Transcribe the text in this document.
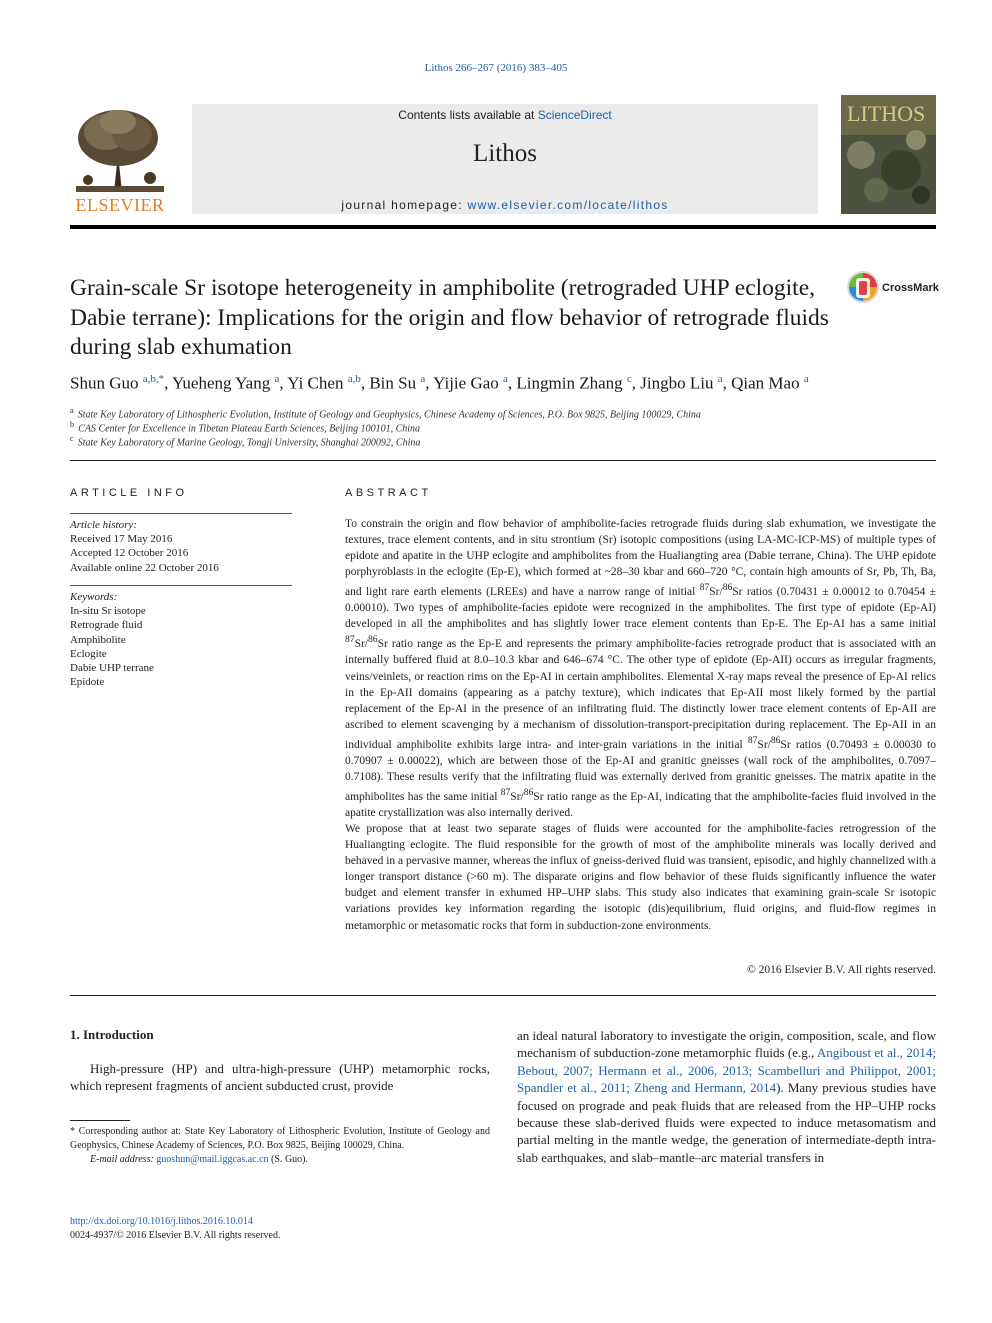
Lithos 266–267 (2016) 383–405
ELSEVIER
Contents lists available at ScienceDirect
Lithos
journal homepage: www.elsevier.com/locate/lithos
LITHOS
Grain-scale Sr isotope heterogeneity in amphibolite (retrograded UHP eclogite, Dabie terrane): Implications for the origin and flow behavior of retrograde fluids during slab exhumation
CrossMark
Shun Guo $^{a,b,*}$, Yueheng Yang $^a$, Yi Chen $^{a,b}$, Bin Su $^a$, Yijie Gao $^a$, Lingmin Zhang $^c$, Jingbo Liu $^a$, Qian Mao $^a$
$^a$ State Key Laboratory of Lithospheric Evolution, Institute of Geology and Geophysics, Chinese Academy of Sciences, P.O. Box 9825, Beijing 100029, China
$^b$ CAS Center for Excellence in Tibetan Plateau Earth Sciences, Beijing 100101, China
$^c$ State Key Laboratory of Marine Geology, Tongji University, Shanghai 200092, China
ARTICLE INFO
Article history:
Received 17 May 2016
Accepted 12 October 2016
Available online 22 October 2016
Keywords:
In-situ Sr isotope
Retrograde fluid
Amphibolite
Eclogite
Dabie UHP terrane
Epidote
ABSTRACT

To constrain the origin and flow behavior of amphibolite-facies retrograde fluids during slab exhumation, we investigate the textures, trace element contents, and in situ strontium (Sr) isotopic compositions (using LA-MC-ICP-MS) of multiple types of epidote and apatite in the UHP eclogite and amphibolites from the Hualiangting area (Dabie terrane, China). The UHP epidote porphyroblasts in the eclogite (Ep-E), which formed at ~28–30 kbar and 660–720 °C, contain high amounts of Sr, Pb, Th, Ba, and light rare earth elements (LREEs) and have a narrow range of initial $^{87}$Sr/$^{86}$Sr ratios (0.70431 ± 0.00012 to 0.70454 ± 0.00010). Two types of amphibolite-facies epidote were recognized in the amphibolites. The first type of epidote (Ep-AI) developed in all the amphibolites and has slightly lower trace element contents than Ep-E. The Ep-AI has a same initial $^{87}$Sr/$^{86}$Sr ratio range as the Ep-E and represents the primary amphibolite-facies retrograde product that is associated with an internally buffered fluid at 8.0–10.3 kbar and 646–674 °C. The other type of epidote (Ep-AII) occurs as irregular fragments, veins/veinlets, or reaction rims on the Ep-AI in certain amphibolites. Elemental X-ray maps reveal the presence of Ep-AI relics in the Ep-AII domains (appearing as a patchy texture), which indicates that Ep-AII most likely formed by the partial replacement of the Ep-AI in the presence of an infiltrating fluid. The distinctly lower trace element contents of Ep-AII are ascribed to element scavenging by a mechanism of dissolution-transport-precipitation during replacement. The Ep-AII in an individual amphibolite exhibits large intra- and inter-grain variations in the initial $^{87}$Sr/$^{86}$Sr ratios (0.70493 ± 0.00030 to 0.70907 ± 0.00022), which are between those of the Ep-AI and granitic gneisses (wall rock of the amphibolites, 0.7097–0.7108). These results verify that the infiltrating fluid was externally derived from granitic gneisses. The matrix apatite in the amphibolites has the same initial $^{87}$Sr/$^{86}$Sr ratio range as the Ep-AI, indicating that the amphibolite-facies fluid involved in the apatite crystallization was also internally derived.

We propose that at least two separate stages of fluids were accounted for the amphibolite-facies retrogression of the Hualiangting eclogite. The fluid responsible for the growth of most of the amphibolite minerals was locally derived and behaved in a pervasive manner, whereas the influx of gneiss-derived fluid was transient, episodic, and highly channelized with a longer transport distance (>60 m). The disparate origins and flow behavior of these fluids significantly influence the water budget and element transfer in exhumed HP–UHP slabs. This study also indicates that examining grain-scale Sr isotopic variations provides key information regarding the isotopic (dis)equilibrium, fluid origins, and fluid-flow regimes in metamorphic or metasomatic rocks that form in subduction-zone environments.

© 2016 Elsevier B.V. All rights reserved.
1. Introduction
High-pressure (HP) and ultra-high-pressure (UHP) metamorphic rocks, which represent fragments of ancient subducted crust, provide
an ideal natural laboratory to investigate the origin, composition, scale, and flow mechanism of subduction-zone metamorphic fluids (e.g., Angiboust et al., 2014; Bebout, 2007; Hermann et al., 2006, 2013; Scambelluri and Philippot, 2001; Spandler et al., 2011; Zheng and Hermann, 2014). Many previous studies have focused on prograde and peak fluids that are released from the HP–UHP rocks because these slab-derived fluids were expected to induce metasomatism and partial melting in the mantle wedge, the generation of intermediate-depth intra-slab earthquakes, and slab–mantle–arc material transfers in
* Corresponding author at: State Key Laboratory of Lithospheric Evolution, Institute of Geology and Geophysics, Chinese Academy of Sciences, P.O. Box 9825, Beijing 100029, China.
E-mail address: guoshun@mail.iggcas.ac.cn (S. Guo).
http://dx.doi.org/10.1016/j.lithos.2016.10.014
0024-4937/© 2016 Elsevier B.V. All rights reserved.
